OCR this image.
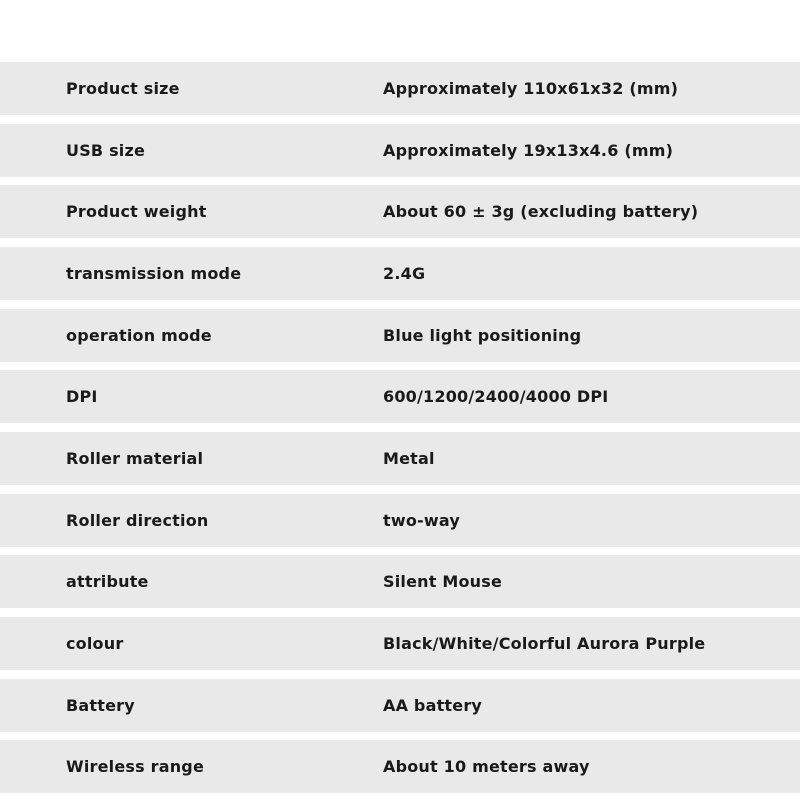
Product size	Approximately 110x61x32 (mm)
USB size	Approximately 19x13x4.6 (mm)
Product weight	About 60 ± 3g (excluding battery)
transmission mode	2.4G
operation mode	Blue light positioning
DPI	600/1200/2400/4000 DPI
Roller material	Metal
Roller direction	two-way
attribute	Silent Mouse
colour	Black/White/Colorful Aurora Purple
Battery	AA battery
Wireless range	About 10 meters away
